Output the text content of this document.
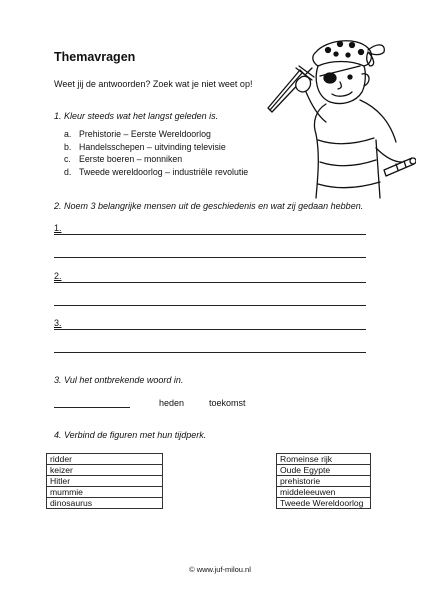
Themavragen
Weet jij de antwoorden? Zoek wat je niet weet op!
1. Kleur steeds wat het langst geleden is.
a. Prehistorie – Eerste Wereldoorlog
b. Handelsschepen – uitvinding televisie
c. Eerste boeren – monniken
d. Tweede wereldoorlog – industriële revolutie
2. Noem 3 belangrijke mensen uit de geschiedenis en wat zij gedaan hebben.
1.
2.
3.
3. Vul het ontbrekende woord in.
heden	toekomst
4. Verbind de figuren met hun tijdperk.
ridder
keizer
Hitler
mummie
dinosaurus
Romeinse rijk
Oude Egypte
prehistorie
middeleeuwen
Tweede Wereldoorlog
© www.juf-milou.nl
